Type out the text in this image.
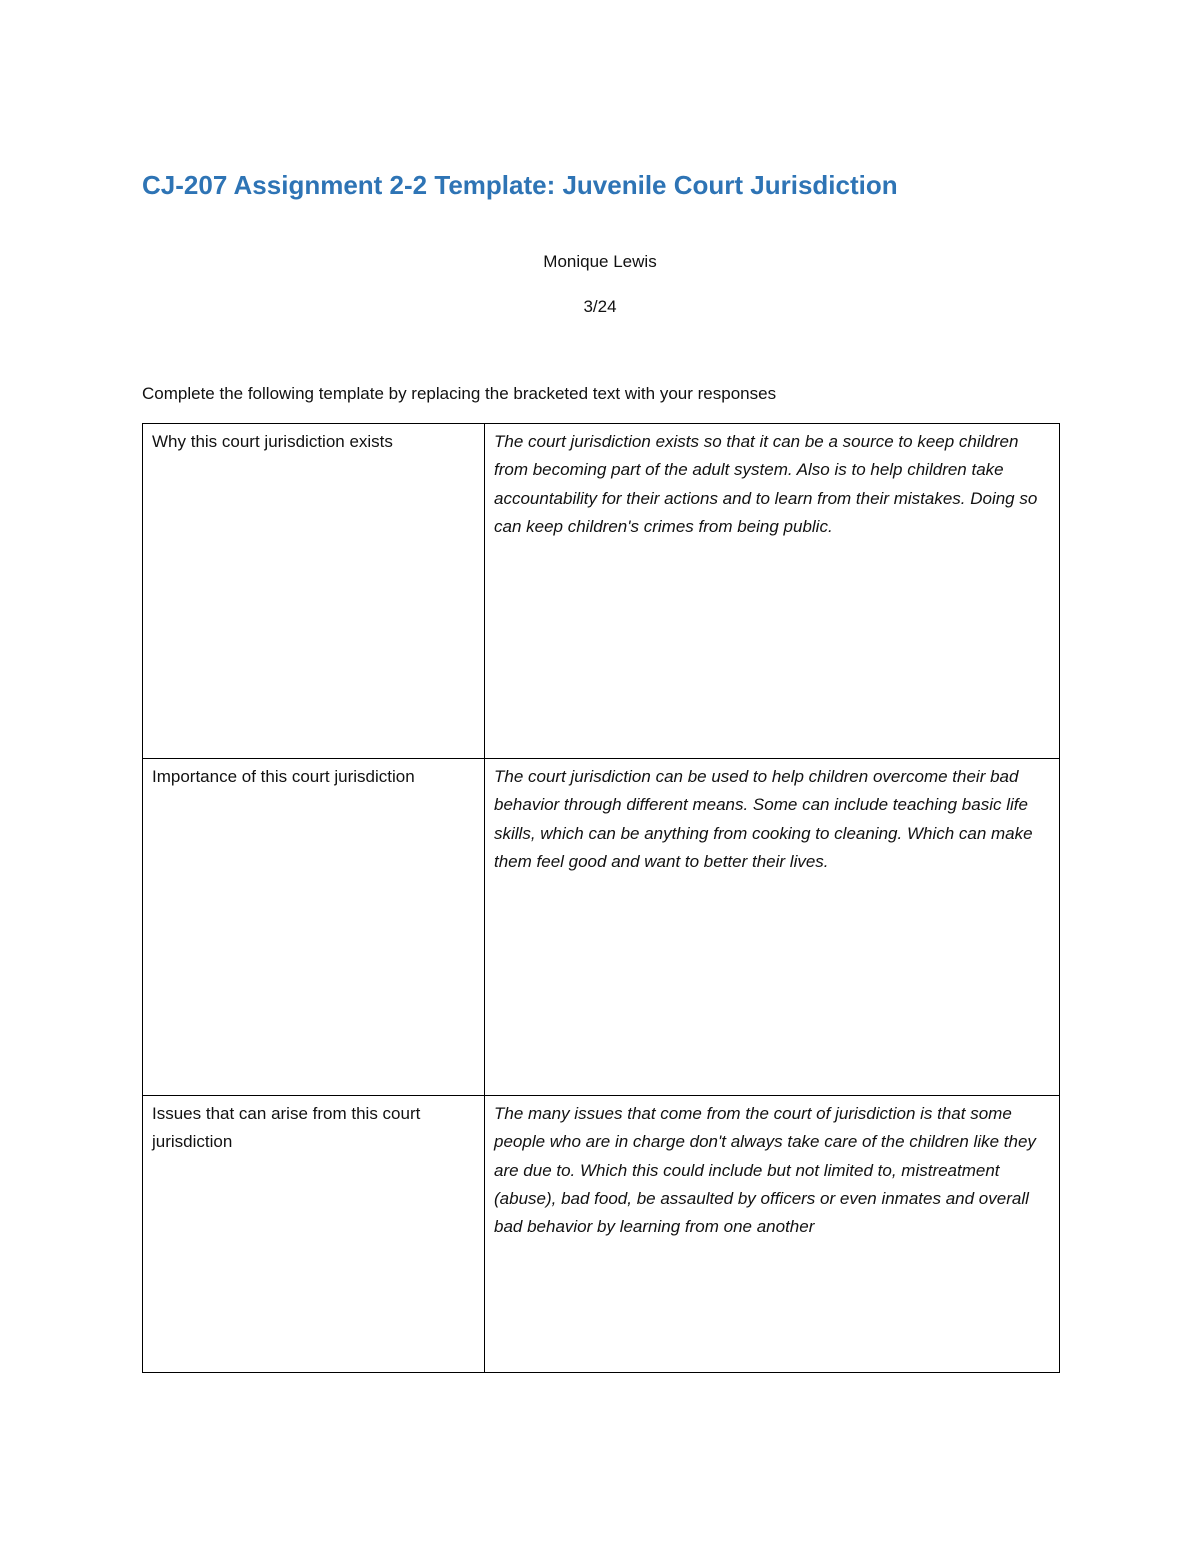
CJ-207 Assignment 2-2 Template: Juvenile Court Jurisdiction
Monique Lewis
3/24
Complete the following template by replacing the bracketed text with your responses
Why this court jurisdiction exists	The court jurisdiction exists so that it can be a source to keep children from becoming part of the adult system. Also is to help children take accountability for their actions and to learn from their mistakes. Doing so can keep children's crimes from being public.
Importance of this court jurisdiction	The court jurisdiction can be used to help children overcome their bad behavior through different means. Some can include teaching basic life skills, which can be anything from cooking to cleaning. Which can make them feel good and want to better their lives.
Issues that can arise from this court jurisdiction	The many issues that come from the court of jurisdiction is that some people who are in charge don't always take care of the children like they are due to. Which this could include but not limited to, mistreatment (abuse), bad food, be assaulted by officers or even inmates and overall bad behavior by learning from one another
